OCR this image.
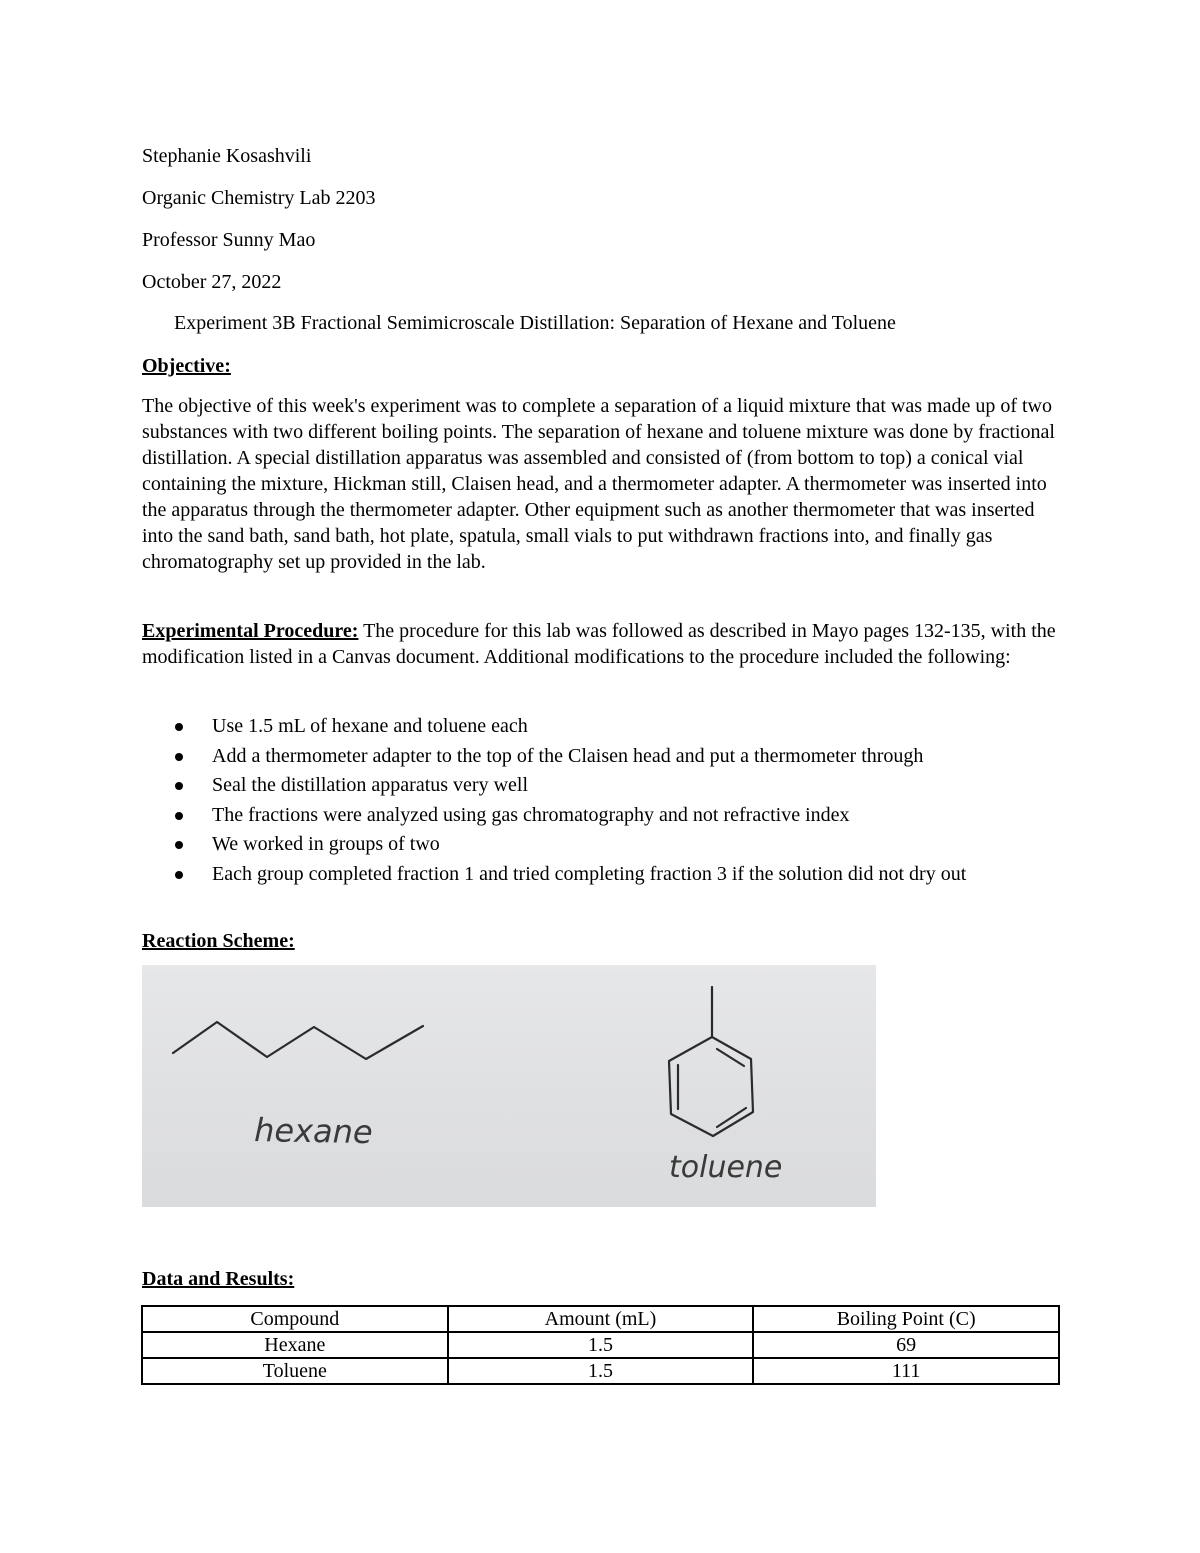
Stephanie Kosashvili
Organic Chemistry Lab 2203
Professor Sunny Mao
October 27, 2022
Experiment 3B Fractional Semimicroscale Distillation: Separation of Hexane and Toluene
Objective:
The objective of this week's experiment was to complete a separation of a liquid mixture that was made up of two substances with two different boiling points. The separation of hexane and toluene mixture was done by fractional distillation. A special distillation apparatus was assembled and consisted of (from bottom to top) a conical vial containing the mixture, Hickman still, Claisen head, and a thermometer adapter. A thermometer was inserted into the apparatus through the thermometer adapter. Other equipment such as another thermometer that was inserted into the sand bath, sand bath, hot plate, spatula, small vials to put withdrawn fractions into, and finally gas chromatography set up provided in the lab.
Experimental Procedure: The procedure for this lab was followed as described in Mayo pages 132-135, with the modification listed in a Canvas document. Additional modifications to the procedure included the following:
Use 1.5 mL of hexane and toluene each
Add a thermometer adapter to the top of the Claisen head and put a thermometer through
Seal the distillation apparatus very well
The fractions were analyzed using gas chromatography and not refractive index
We worked in groups of two
Each group completed fraction 1 and tried completing fraction 3 if the solution did not dry out
Reaction Scheme:
hexane
toluene
Data and Results:
Compound	Amount (mL)	Boiling Point (C)
Hexane	1.5	69
Toluene	1.5	111
